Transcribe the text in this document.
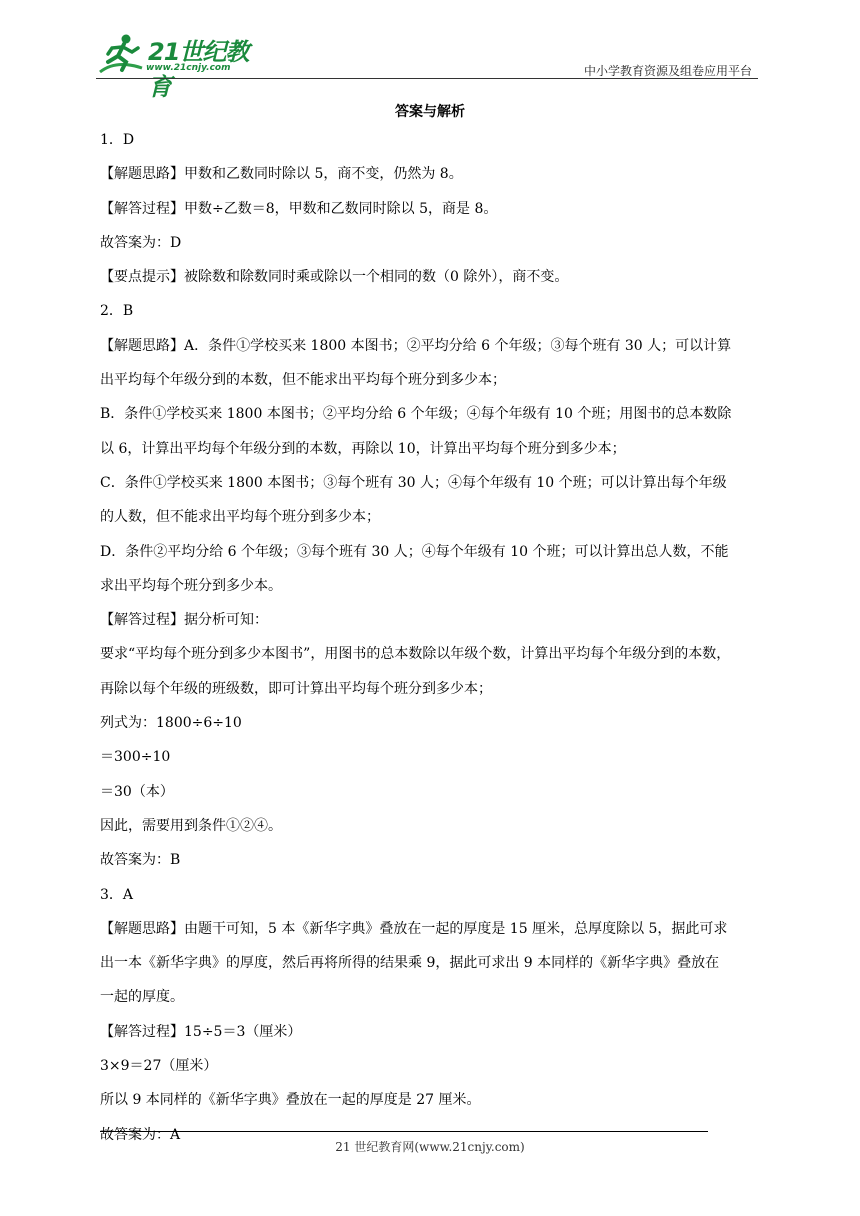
21世纪教育
www.21cnjy.com	中小学教育资源及组卷应用平台
答案与解析
1．D
【解题思路】甲数和乙数同时除以 5，商不变，仍然为 8。
【解答过程】甲数÷乙数＝8，甲数和乙数同时除以 5，商是 8。
故答案为：D
【要点提示】被除数和除数同时乘或除以一个相同的数（0 除外），商不变。
2．B
【解题思路】A．条件①学校买来 1800 本图书；②平均分给 6 个年级；③每个班有 30 人；可以计算
出平均每个年级分到的本数，但不能求出平均每个班分到多少本；
B．条件①学校买来 1800 本图书；②平均分给 6 个年级；④每个年级有 10 个班；用图书的总本数除
以 6，计算出平均每个年级分到的本数，再除以 10，计算出平均每个班分到多少本；
C．条件①学校买来 1800 本图书；③每个班有 30 人；④每个年级有 10 个班；可以计算出每个年级
的人数，但不能求出平均每个班分到多少本；
D．条件②平均分给 6 个年级；③每个班有 30 人；④每个年级有 10 个班；可以计算出总人数，不能
求出平均每个班分到多少本。
【解答过程】据分析可知：
要求“平均每个班分到多少本图书”，用图书的总本数除以年级个数，计算出平均每个年级分到的本数，
再除以每个年级的班级数，即可计算出平均每个班分到多少本；
列式为：1800÷6÷10
＝300÷10
＝30（本）
因此，需要用到条件①②④。
故答案为：B
3．A
【解题思路】由题干可知，5 本《新华字典》叠放在一起的厚度是 15 厘米，总厚度除以 5，据此可求
出一本《新华字典》的厚度，然后再将所得的结果乘 9，据此可求出 9 本同样的《新华字典》叠放在
一起的厚度。
【解答过程】15÷5＝3（厘米）
3×9＝27（厘米）
所以 9 本同样的《新华字典》叠放在一起的厚度是 27 厘米。
故答案为：A
21 世纪教育网(www.21cnjy.com)
